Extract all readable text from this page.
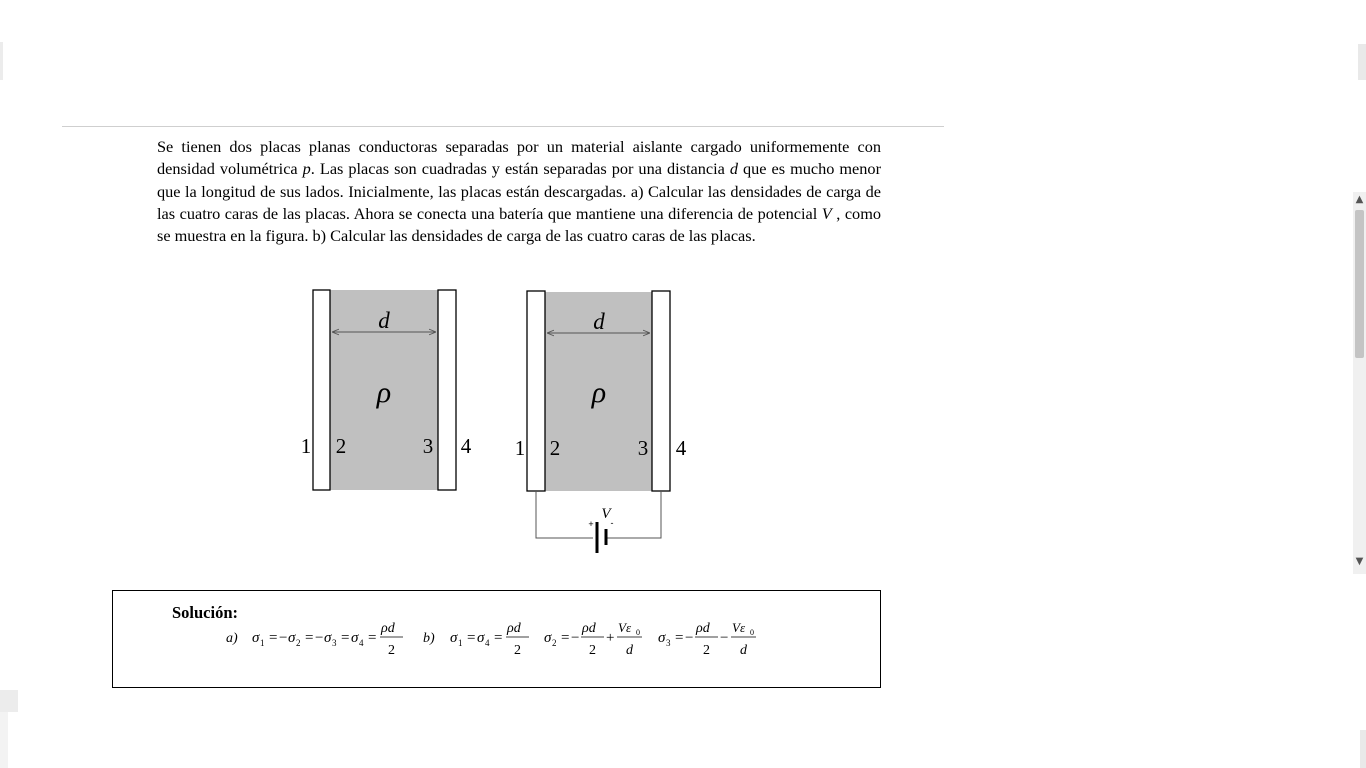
▲
▼

Se tienen dos placas planas conductoras separadas por un material aislante cargado uniformemente con densidad volumétrica p. Las placas son cuadradas y están separadas por una distancia d que es mucho menor que la longitud de sus lados. Inicialmente, las placas están descargadas. a) Calcular las densidades de carga de las cuatro caras de las placas. Ahora se conecta una batería que mantiene una diferencia de potencial V , como se muestra en la figura. b) Calcular las densidades de carga de las cuatro caras de las placas.

d
ρ
1 2	3 4
d
ρ
1 2	3 4
V
+ -
Solución:
a) σ 1 = − σ 2 = − σ 3 = σ 4 =
ρd
2
b) σ 1 = σ 4 =
ρd
2
σ 2 = −
ρd
2
+
Vε 0
d
σ 3 = −
ρd
2
−
Vε 0
d
